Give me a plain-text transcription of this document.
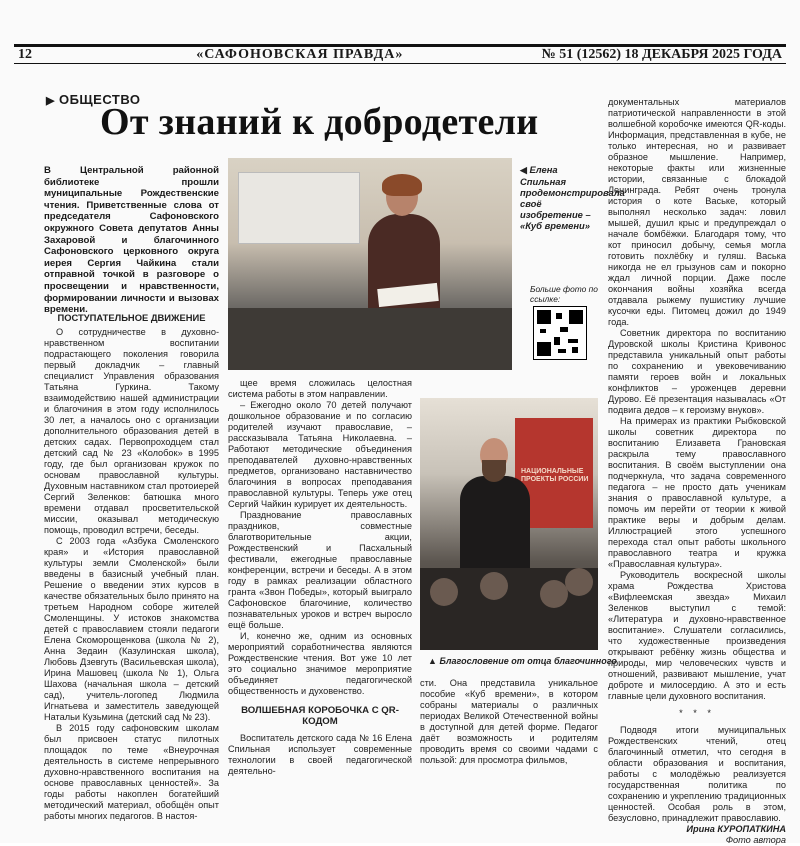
12	«САФОНОВСКАЯ ПРАВДА»	№ 51 (12562) 18 ДЕКАБРЯ 2025 ГОДА
▶ ОБЩЕСТВО
От знаний к добродетели
В Центральной районной библиотеке прошли муниципальные Рождественские чтения. Приветственные слова от председателя Сафоновского окружного Совета депутатов Анны Захаровой и благочинного Сафоновского церковного округа иерея Сергия Чайкина стали отправной точкой в разговоре о просвещении и нравственности, формировании личности и вызовах времени.

ПОСТУПАТЕЛЬНОЕ ДВИЖЕНИЕ

О сотрудничестве в духовно-нравственном воспитании подрастающего поколения говорила первый докладчик – главный специалист Управления образования Татьяна Гуркина. Такому взаимодействию нашей администрации и благочиния в этом году исполнилось 30 лет, а началось оно с организации дополнительного образования детей в детских садах. Первопроходцем стал детский сад № 23 «Колобок» в 1995 году, где был организован кружок по основам православной культуры. Духовным наставником стал протоиерей Сергий Зеленков: батюшка много времени отдавал просветительской миссии, оказывал методическую помощь, проводил встречи, беседы.

С 2003 года «Азбука Смоленского края» и «История православной культуры земли Смоленской» были введены в базисный учебный план. Решение о введении этих курсов в качестве обязательных было принято на третьем Народном соборе жителей Смоленщины. У истоков знакомства детей с православием стояли педагоги Елена Скоморощенкова (школа № 2), Анна Зедаин (Казулинская школа), Любовь Дзевгуть (Васильевская школа), Ирина Машовец (школа № 1), Ольга Шахова (начальная школа – детский сад), учитель-логопед Людмила Игнатьева и заместитель заведующей Натальи Кузьмина (детский сад № 23).

В 2015 году сафоновским школам был присвоен статус пилотных площадок по теме «Внеурочная деятельность в системе непрерывного духовно-нравственного воспитания на основе православных ценностей». За годы работы накоплен богатейший методический материал, обобщён опыт работы многих педагогов. В настоя-

◀ Елена Спильная продемонстрировала своё изобретение – «Куб времени»
Больше фото по ссылке:

щее время сложилась целостная система работы в этом направлении.

– Ежегодно около 70 детей получают дошкольное образование и по согласию родителей изучают православие, – рассказывала Татьяна Николаевна. – Работают методические объединения преподавателей духовно-нравственных предметов, организовано наставничество благочиния в вопросах преподавания православной культуры. Теперь уже отец Сергий Чайкин курирует их деятельность.

Празднование православных праздников, совместные благотворительные акции, Рождественский и Пасхальный фестивали, ежегодные православные конференции, встречи и беседы. А в этом году в рамках реализации областного гранта «Звон Победы», который выиграло Сафоновское благочиние, количество познавательных уроков и встреч выросло ещё больше.

И, конечно же, одним из основных мероприятий соработничества являются Рождественские чтения. Вот уже 10 лет это социально значимое мероприятие объединяет педагогической общественность и духовенство.

ВОЛШЕБНАЯ КОРОБОЧКА С QR-КОДОМ

Воспитатель детского сада № 16 Елена Спильная использует современные технологии в своей педагогической деятельно-

НАЦИОНАЛЬНЫЕ ПРОЕКТЫ РОССИИ
▲ Благословение от отца благочинного

сти. Она представила уникальное пособие «Куб времени», в котором собраны материалы о различных периодах Великой Отечественной войны в доступной для детей форме. Педагог даёт возможность и родителям проводить время со своими чадами с пользой: для просмотра фильмов,

документальных материалов патриотической направленности в этой волшебной коробочке имеются QR-коды. Информация, представленная в кубе, не только интересная, но и развивает образное мышление. Например, некоторые факты или жизненные истории, связанные с блокадой Ленинграда. Ребят очень тронула история о коте Ваське, который выполнял несколько задач: ловил мышей, душил крыс и предупреждал о начале бомбёжки. Благодаря тому, что кот приносил добычу, семья могла готовить похлёбку и гуляш. Васька никогда не ел грызунов сам и покорно ждал личной порции. Даже после окончания войны хозяйка всегда отдавала рыжему пушистику лучшие кусочки еды. Питомец дожил до 1949 года.

Советник директора по воспитанию Дуровской школы Кристина Кривонос представила уникальный опыт работы по сохранению и увековечиванию памяти героев войн и локальных конфликтов – уроженцев деревни Дурово. Её презентация называлась «От подвига дедов – к героизму внуков».

На примерах из практики Рыбковской школы советник директора по воспитанию Елизавета Грановская раскрыла тему православного воспитания. В своём выступлении она подчеркнула, что задача современного педагога – не просто дать ученикам знания о православной культуре, а помочь им перейти от теории к живой практике веры и добрым делам. Иллюстрацией этого успешного перехода стал опыт работы школьного православного театра и кружка «Православная культура».

Руководитель воскресной школы храма Рождества Христова «Вифлеемская звезда» Михаил Зеленков выступил с темой: «Литература и духовно-нравственное воспитание». Слушатели согласились, что художественные произведения открывают ребёнку жизнь общества и природы, мир человеческих чувств и отношений, развивают мышление, учат доброте и милосердию. А это и есть главные цели духовного воспитания.

* * *

Подводя итоги муниципальных Рождественских чтений, отец благочинный отметил, что сегодня в области образования и воспитания, работы с молодёжью реализуется государственная политика по сохранению и укреплению традиционных ценностей. Особая роль в этом, безусловно, принадлежит православию.

Ирина КУРОПАТКИНА

Фото автора
